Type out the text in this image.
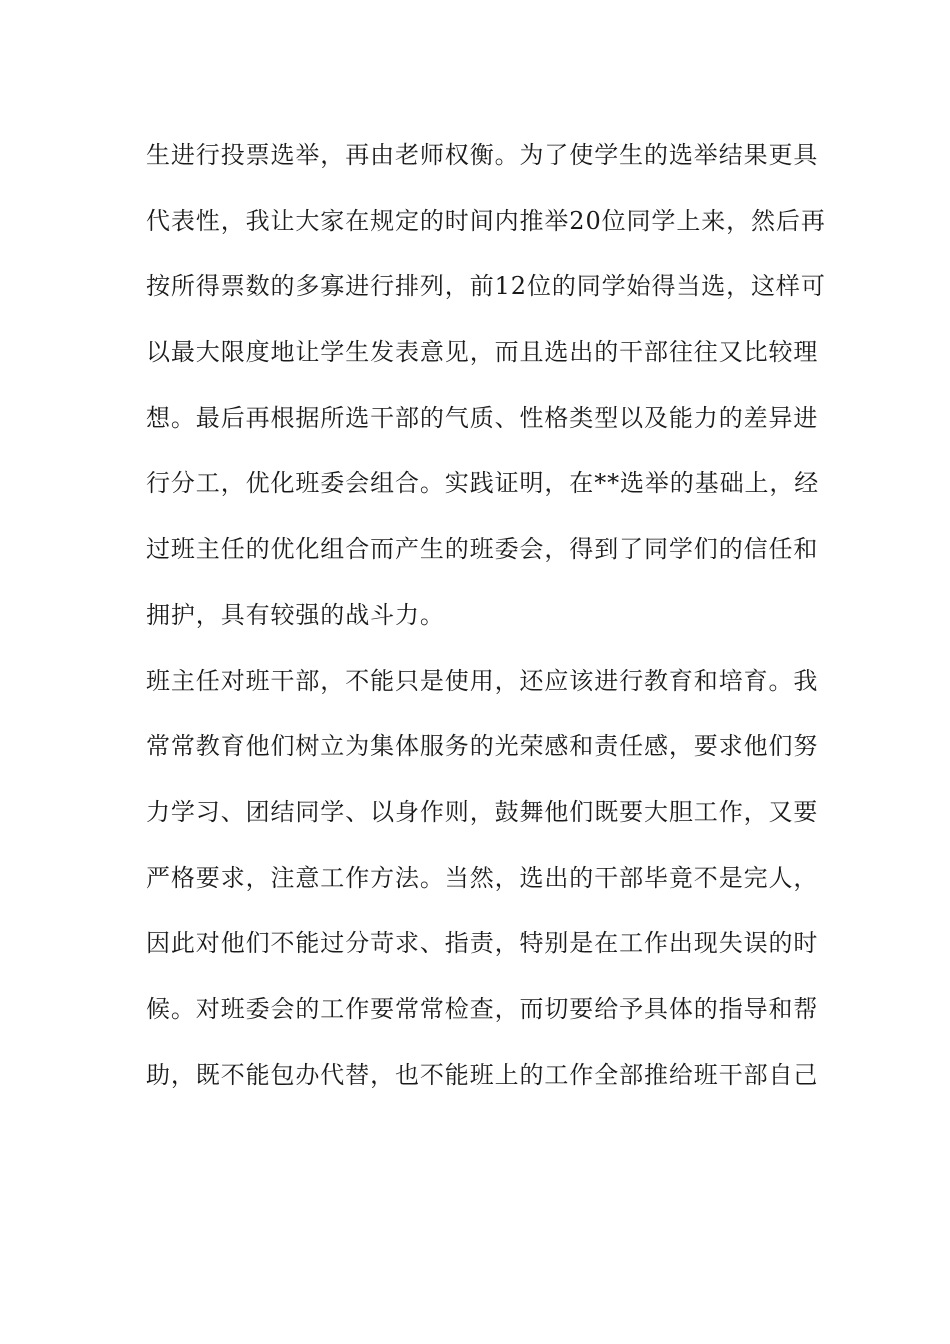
生进行投票选举，再由老师权衡。为了使学生的选举结果更具
代表性，我让大家在规定的时间内推举20位同学上来，然后再
按所得票数的多寡进行排列，前12位的同学始得当选，这样可
以最大限度地让学生发表意见，而且选出的干部往往又比较理
想。最后再根据所选干部的气质、性格类型以及能力的差异进
行分工，优化班委会组合。实践证明，在**选举的基础上，经
过班主任的优化组合而产生的班委会，得到了同学们的信任和
拥护，具有较强的战斗力。
班主任对班干部，不能只是使用，还应该进行教育和培育。我
常常教育他们树立为集体服务的光荣感和责任感，要求他们努
力学习、团结同学、以身作则，鼓舞他们既要大胆工作，又要
严格要求，注意工作方法。当然，选出的干部毕竟不是完人，
因此对他们不能过分苛求、指责，特别是在工作出现失误的时
候。对班委会的工作要常常检查，而切要给予具体的指导和帮
助，既不能包办代替，也不能班上的工作全部推给班干部自己
